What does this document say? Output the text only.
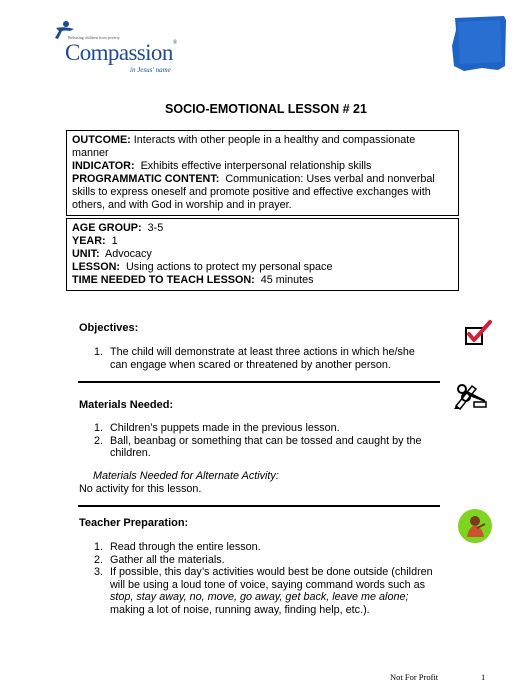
Releasing children from poverty
Compassion®
in Jesus' name
SOCIO-EMOTIONAL LESSON # 21

OUTCOME: Interacts with other people in a healthy and compassionate manner

INDICATOR: Exhibits effective interpersonal relationship skills

PROGRAMMATIC CONTENT: Communication: Uses verbal and nonverbal skills to express oneself and promote positive and effective exchanges with others, and with God in worship and in prayer.

AGE GROUP: 3-5

YEAR: 1

UNIT: Advocacy

LESSON: Using actions to protect my personal space

TIME NEEDED TO TEACH LESSON: 45 minutes

Objectives:
1. The child will demonstrate at least three actions in which he/she can engage when scared or threatened by another person.
Materials Needed:
1. Children’s puppets made in the previous lesson.
2. Ball, beanbag or something that can be tossed and caught by the children.
Materials Needed for Alternate Activity:
No activity for this lesson.
Teacher Preparation:
1. Read through the entire lesson.
2. Gather all the materials.
3. If possible, this day’s activities would best be done outside (children will be using a loud tone of voice, saying command words such as stop, stay away, no, move, go away, get back, leave me alone; making a lot of noise, running away, finding help, etc.).
Not For Profit	1
